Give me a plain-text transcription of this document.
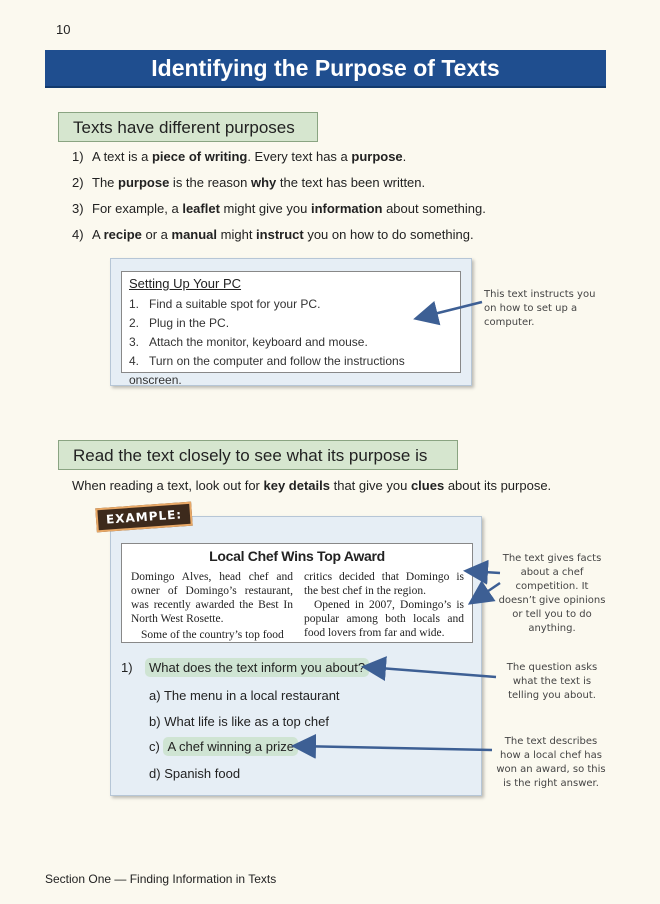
10
Identifying the Purpose of Texts
Texts have different purposes
1) A text is a piece of writing. Every text has a purpose.
2) The purpose is the reason why the text has been written.
3) For example, a leaflet might give you information about something.
4) A recipe or a manual might instruct you on how to do something.
Setting Up Your PC
1. Find a suitable spot for your PC.
2. Plug in the PC.
3. Attach the monitor, keyboard and mouse.
4. Turn on the computer and follow the instructions onscreen.
This text instructs you on how to set up a computer.
Read the text closely to see what its purpose is
When reading a text, look out for key details that give you clues about its purpose.
Local Chef Wins Top Award
Domingo Alves, head chef and owner of Domingo’s restaurant, was recently awarded the Best In North West Rosette.
Some of the country’s top food
critics decided that Domingo is the best chef in the region.
Opened in 2007, Domingo’s is popular among both locals and food lovers from far and wide.
1) What does the text inform you about?
a) The menu in a local restaurant
b) What life is like as a top chef
c) A chef winning a prize
d) Spanish food
EXAMPLE:
The text gives facts about a chef competition. It doesn’t give opinions or tell you to do anything.
The question asks what the text is telling you about.
The text describes how a local chef has won an award, so this is the right answer.
Section One — Finding Information in Texts
